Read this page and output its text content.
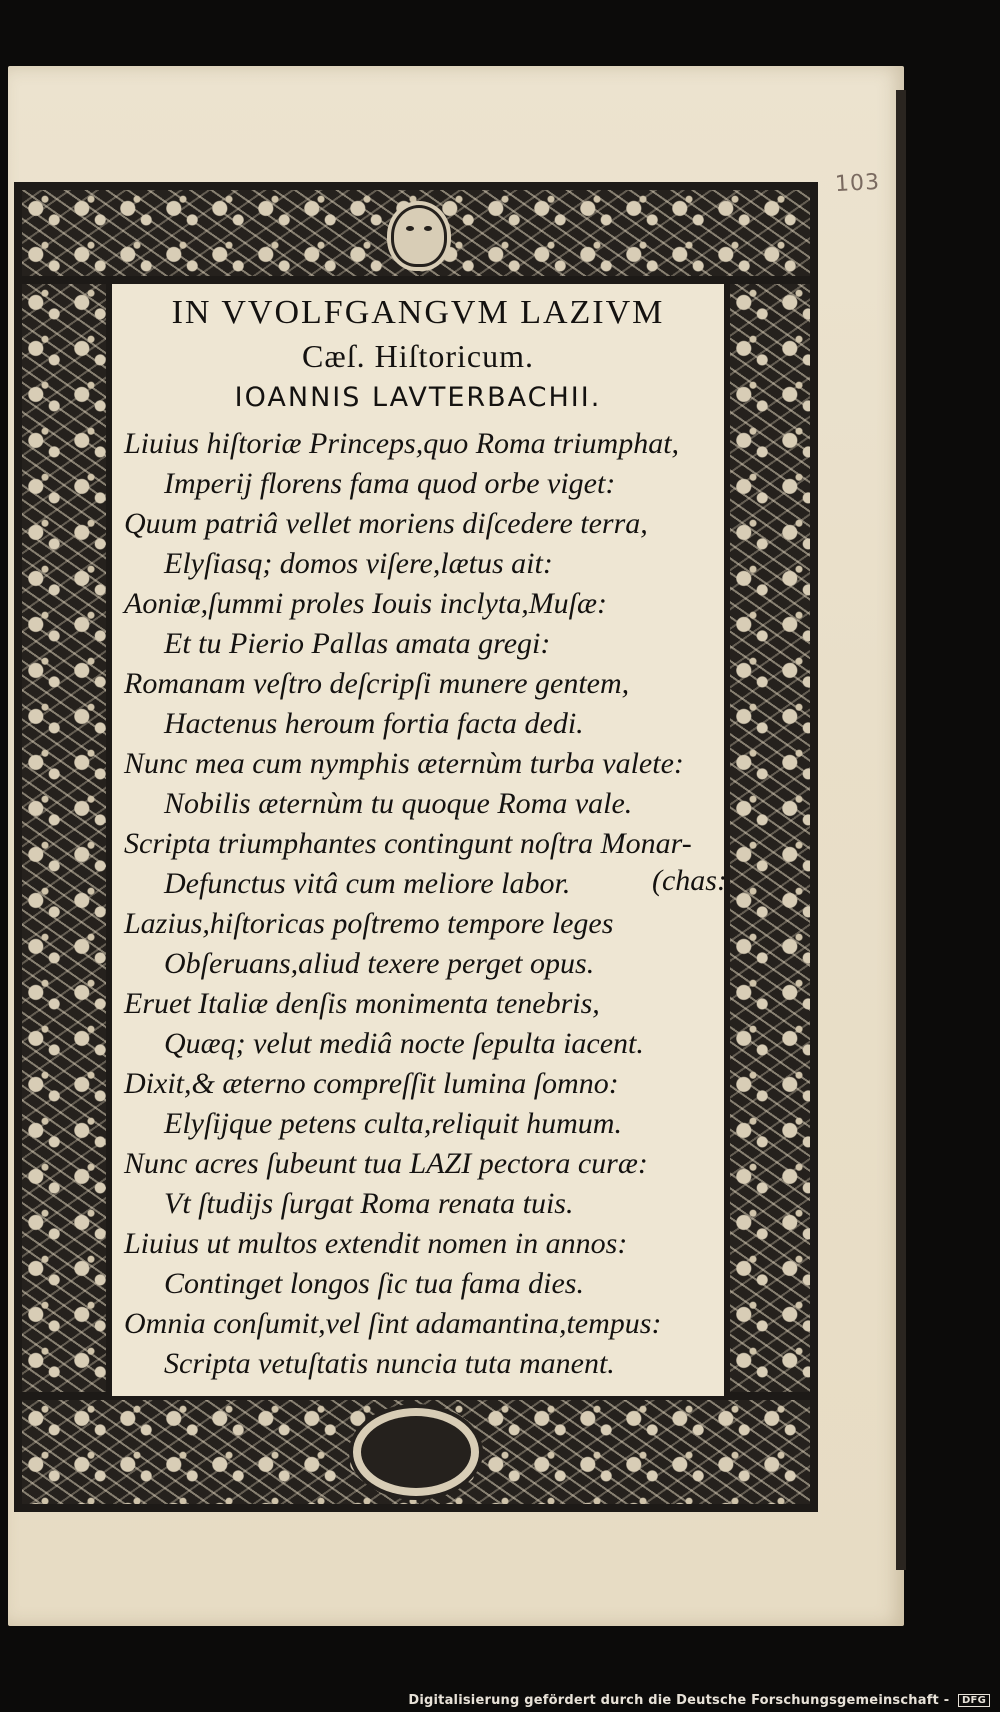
103
IN VVOLFGANGVM LAZIVM
Cæſ. Hiſtoricum.
IOANNIS LAVTERBACHII.
Liuius hiſtoriæ Princeps,quo Roma triumphat,
Imperij florens fama quod orbe viget:
Quum patriâ vellet moriens diſcedere terra,
Elyſiasq; domos viſere,lætus ait:
Aoniæ,ſummi proles Iouis inclyta,Muſæ:
Et tu Pierio Pallas amata gregi:
Romanam veſtro deſcripſi munere gentem,
Hactenus heroum fortia facta dedi.
Nunc mea cum nymphis æternùm turba valete:
Nobilis æternùm tu quoque Roma vale.
Scripta triumphantes contingunt noſtra Monar-
Defunctus vitâ cum meliore labor.	(chas:
Lazius,hiſtoricas poſtremo tempore leges
Obſeruans,aliud texere perget opus.
Eruet Italiæ denſis monimenta tenebris,
Quæq; velut mediâ nocte ſepulta iacent.
Dixit,& æterno compreſſit lumina ſomno:
Elyſijque petens culta,reliquit humum.
Nunc acres ſubeunt tua LAZI pectora curæ:
Vt ſtudijs ſurgat Roma renata tuis.
Liuius ut multos extendit nomen in annos:
Continget longos ſic tua fama dies.
Omnia conſumit,vel ſint adamantina,tempus:
Scripta vetuſtatis nuncia tuta manent.
Digitalisierung gefördert durch die Deutsche Forschungsgemeinschaft - DFG
